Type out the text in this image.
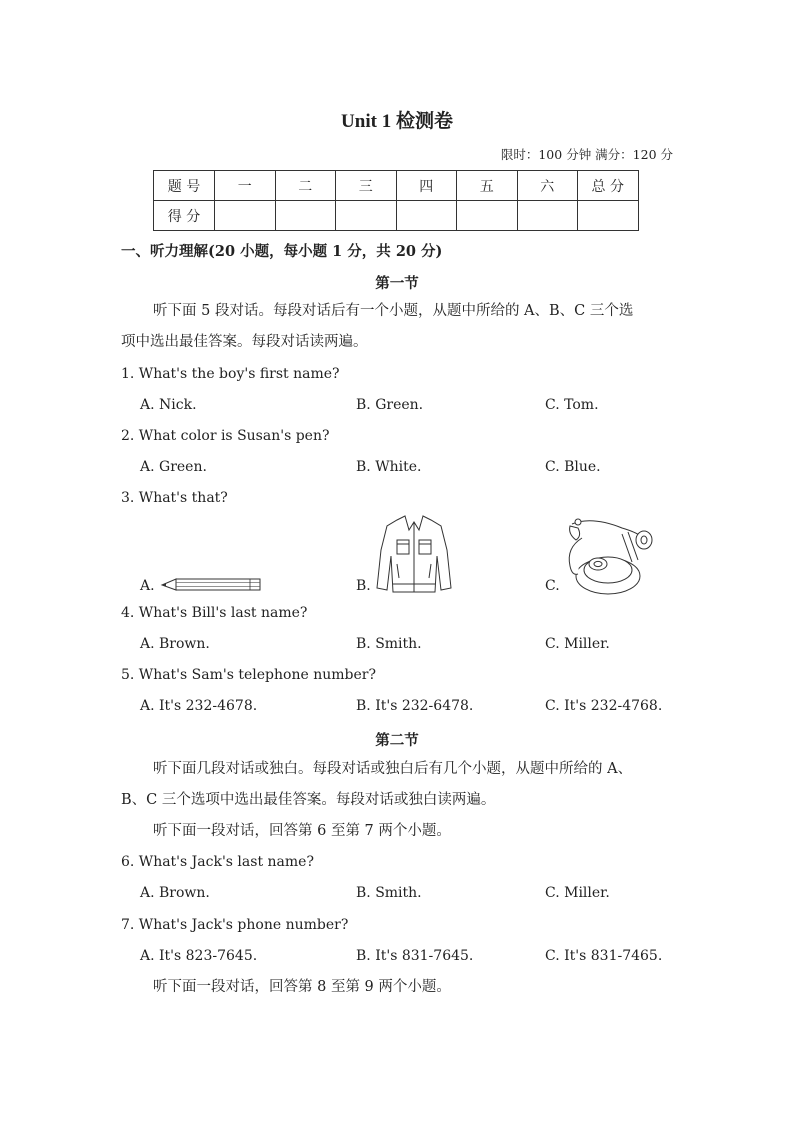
Unit 1 检测卷
限时：100 分钟 满分：120 分
题 号	一	二	三	四	五	六	总 分
得 分							
一、听力理解(20 小题，每小题 1 分，共 20 分)
第一节
听下面 5 段对话。每段对话后有一个小题，从题中所给的 A、B、C 三个选
项中选出最佳答案。每段对话读两遍。
1. What's the boy's first name?
A. Nick.	B. Green.	C. Tom.
2. What color is Susan's pen?
A. Green.	B. White.	C. Blue.
3. What's that?
A.	B.	C.
4. What's Bill's last name?
A. Brown.	B. Smith.	C. Miller.
5. What's Sam's telephone number?
A. It's 232-4678.	B. It's 232-6478.	C. It's 232-4768.
第二节
听下面几段对话或独白。每段对话或独白后有几个小题，从题中所给的 A、
B、C 三个选项中选出最佳答案。每段对话或独白读两遍。
听下面一段对话，回答第 6 至第 7 两个小题。
6. What's Jack's last name?
A. Brown.	B. Smith.	C. Miller.
7. What's Jack's phone number?
A. It's 823-7645.	B. It's 831-7645.	C. It's 831-7465.
听下面一段对话，回答第 8 至第 9 两个小题。
